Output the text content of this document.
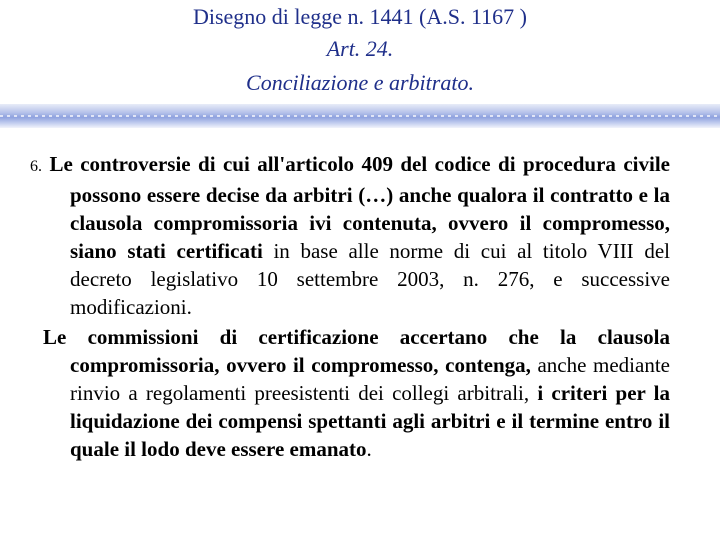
Disegno di legge n. 1441 (A.S. 1167 )
Art. 24.
Conciliazione e arbitrato.

6. Le controversie di cui all'articolo 409 del codice di procedura civile possono essere decise da arbitri (…) anche qualora il contratto e la clausola compromissoria ivi contenuta, ovvero il compromesso, siano stati certificati in base alle norme di cui al titolo VIII del decreto legislativo 10 settembre 2003, n. 276, e successive modificazioni.

Le commissioni di certificazione accertano che la clausola compromissoria, ovvero il compromesso, contenga, anche mediante rinvio a regolamenti preesistenti dei collegi arbitrali, i criteri per la liquidazione dei compensi spettanti agli arbitri e il termine entro il quale il lodo deve essere emanato.
